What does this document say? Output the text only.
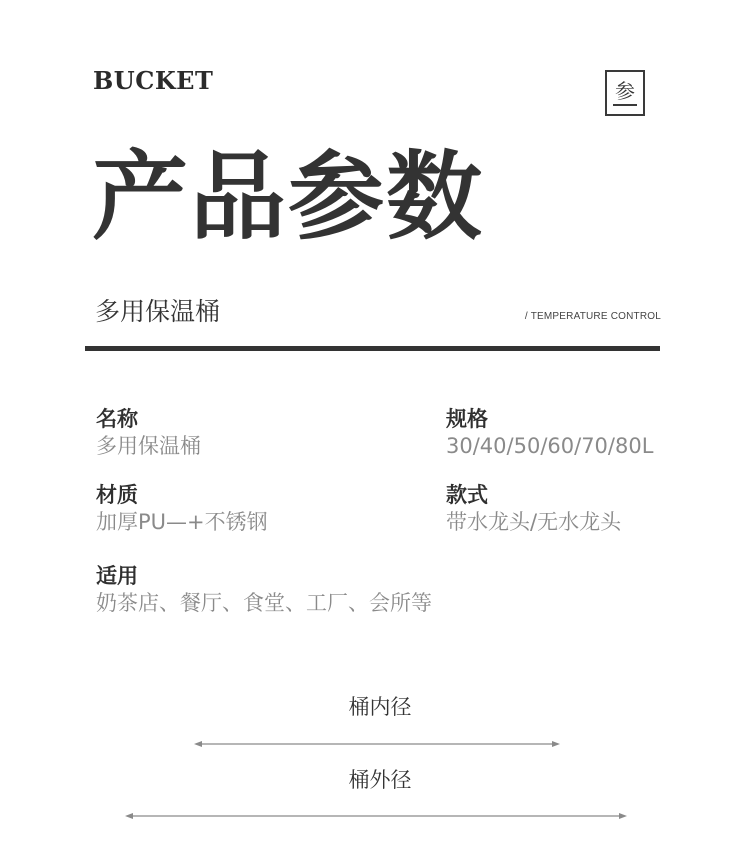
BUCKET	参
产品参数
多用保温桶	/ TEMPERATURE CONTROL
名称
多用保温桶
规格
30/40/50/60/70/80L
材质
加厚PU—+不锈钢
款式
带水龙头/无水龙头
适用
奶茶店、餐厅、食堂、工厂、会所等
桶内径
桶外径
